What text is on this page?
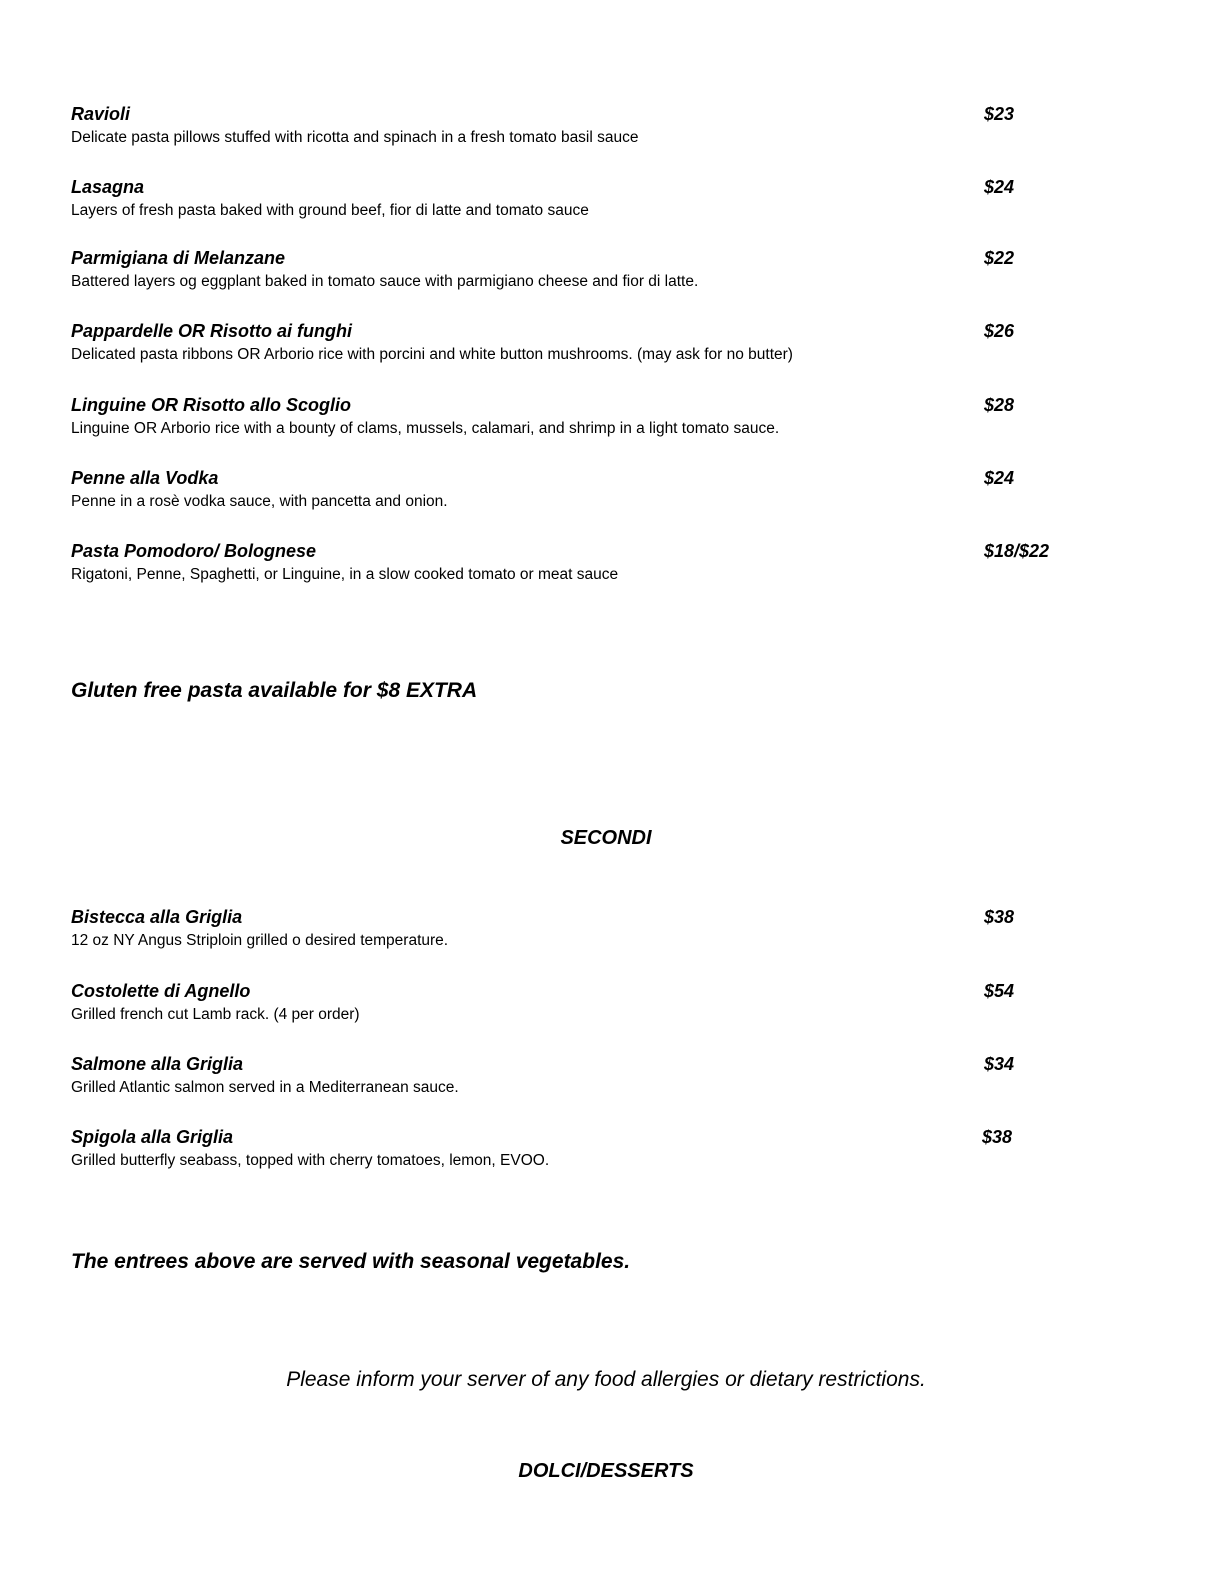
Ravioli
Delicate pasta pillows stuffed with ricotta and spinach in a fresh tomato basil sauce
$23
Lasagna
Layers of fresh pasta baked with ground beef, fior di latte and tomato sauce
$24
Parmigiana di Melanzane
Battered layers og eggplant baked in tomato sauce with parmigiano cheese and fior di latte.
$22
Pappardelle OR Risotto ai funghi
Delicated pasta ribbons OR Arborio rice with porcini and white button mushrooms. (may ask for no butter)
$26
Linguine OR Risotto allo Scoglio
Linguine OR Arborio rice with a bounty of clams, mussels, calamari, and shrimp in a light tomato sauce.
$28
Penne alla Vodka
Penne in a rosè vodka sauce, with pancetta and onion.
$24
Pasta Pomodoro/ Bolognese
Rigatoni, Penne, Spaghetti, or Linguine, in a slow cooked tomato or meat sauce
$18/$22
Gluten free pasta available for $8 EXTRA
SECONDI
Bistecca alla Griglia
12 oz NY Angus Striploin grilled o desired temperature.
$38
Costolette di Agnello
Grilled french cut Lamb rack. (4 per order)
$54
Salmone alla Griglia
Grilled Atlantic salmon served in a Mediterranean sauce.
$34
Spigola alla Griglia
Grilled butterfly seabass, topped with cherry tomatoes, lemon, EVOO.
$38
The entrees above are served with seasonal vegetables.
Please inform your server of any food allergies or dietary restrictions.
DOLCI/DESSERTS
